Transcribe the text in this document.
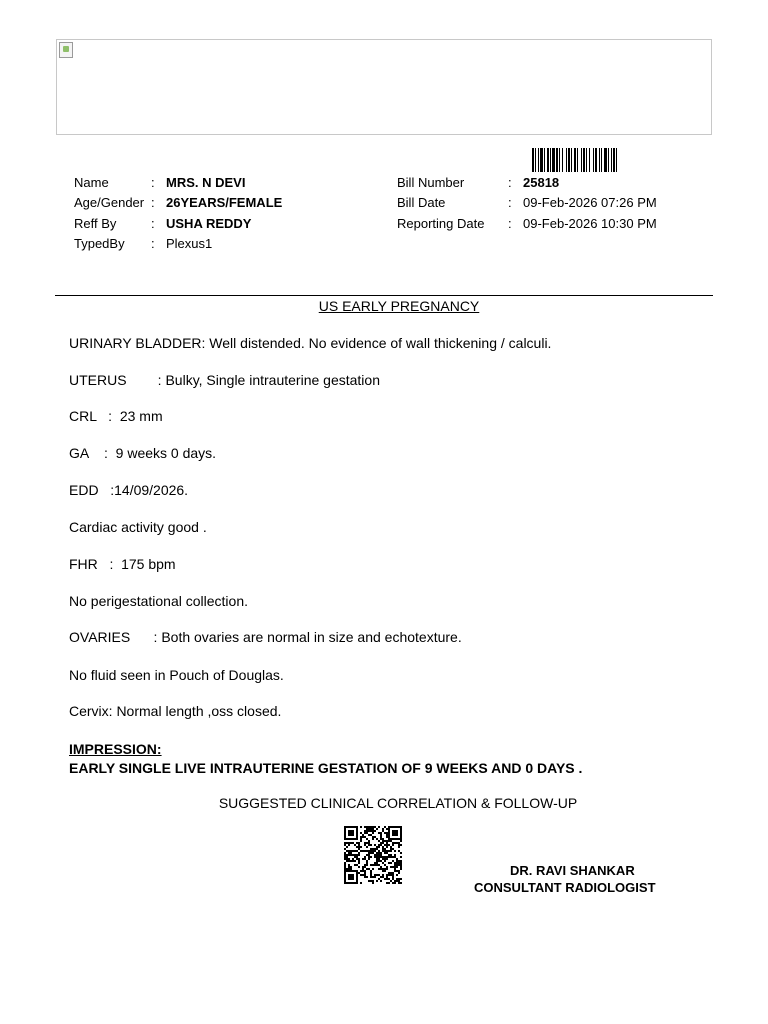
Name	: MRS. N DEVI
Age/Gender : 26YEARS/FEMALE
Reff By	: USHA REDDY
TypedBy : Plexus1
Bill Number	: 25818
Bill Date	: 09-Feb-2026 07:26 PM
Reporting Date : 09-Feb-2026 10:30 PM
US EARLY PREGNANCY
URINARY BLADDER: Well distended. No evidence of wall thickening / calculi.
UTERUS        : Bulky, Single intrauterine gestation
CRL   :  23 mm
GA    :  9 weeks 0 days.
EDD   :14/09/2026.
Cardiac activity good .
FHR   :  175 bpm
No perigestational collection.
OVARIES      : Both ovaries are normal in size and echotexture.
No fluid seen in Pouch of Douglas.
Cervix: Normal length ,oss closed.
IMPRESSION:
EARLY SINGLE LIVE INTRAUTERINE GESTATION OF 9 WEEKS AND 0 DAYS .
SUGGESTED CLINICAL CORRELATION & FOLLOW-UP
DR. RAVI SHANKAR
CONSULTANT RADIOLOGIST
